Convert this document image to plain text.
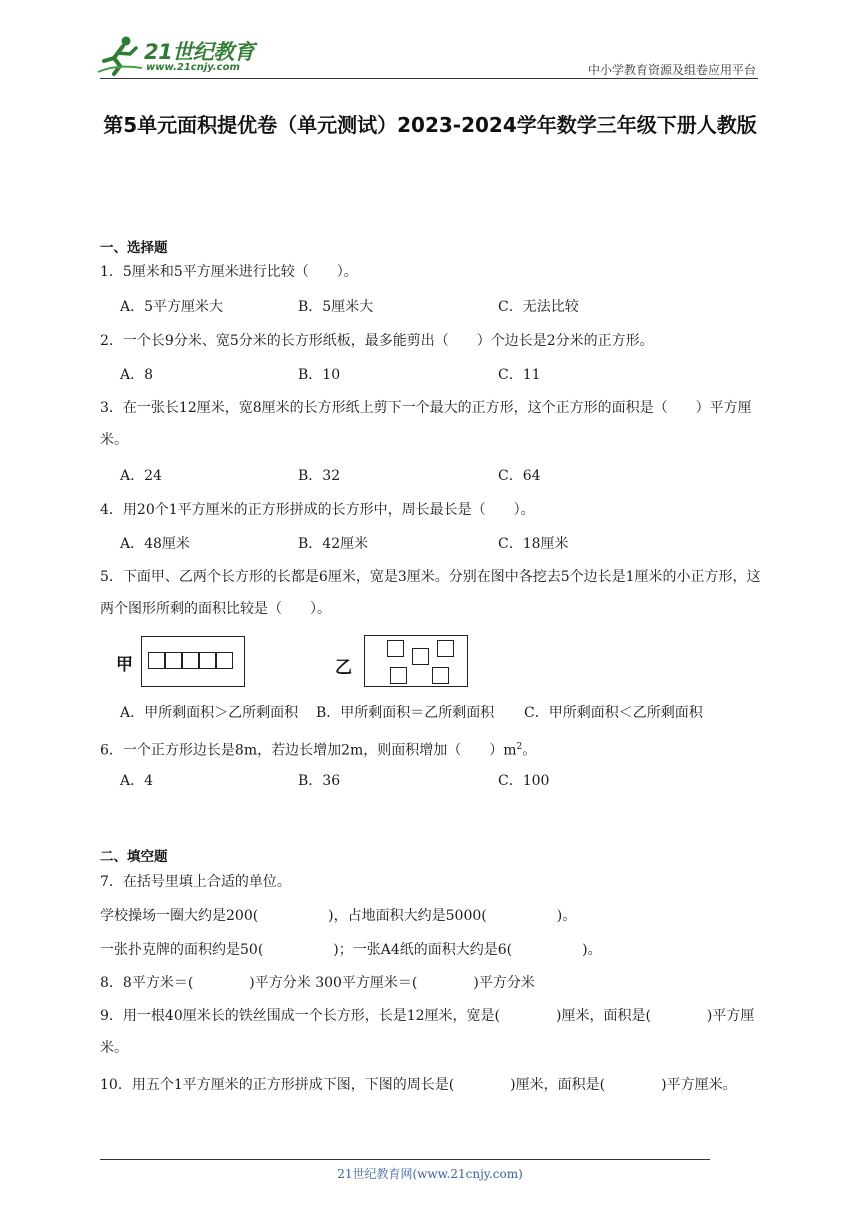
21世纪教育
www.21cnjy.com	中小学教育资源及组卷应用平台
第5单元面积提优卷（单元测试）2023-2024学年数学三年级下册人教版
一、选择题
1．5厘米和5平方厘米进行比较（　　）。
A．5平方厘米大	B．5厘米大	C．无法比较
2．一个长9分米、宽5分米的长方形纸板，最多能剪出（　　）个边长是2分米的正方形。
A．8	B．10	C．11
3．在一张长12厘米，宽8厘米的长方形纸上剪下一个最大的正方形，这个正方形的面积是（　　）平方厘米。
A．24	B．32	C．64
4．用20个1平方厘米的正方形拼成的长方形中，周长最长是（　　）。
A．48厘米	B．42厘米	C．18厘米
5．下面甲、乙两个长方形的长都是6厘米，宽是3厘米。分别在图中各挖去5个边长是1厘米的小正方形，这两个图形所剩的面积比较是（　　）。
甲	乙
A．甲所剩面积＞乙所剩面积 B．甲所剩面积＝乙所剩面积 C．甲所剩面积＜乙所剩面积
6．一个正方形边长是8m，若边长增加2m，则面积增加（　　）$m^2$。
A．4	B．36	C．100
二、填空题
7．在括号里填上合适的单位。
学校操场一圈大约是200(　　　　　)，占地面积大约是5000(　　　　　)。
一张扑克牌的面积约是50(　　　　　)；一张A4纸的面积大约是6(　　　　　)。
8．8平方米＝(　　　　)平方分米 300平方厘米＝(　　　　)平方分米
9．用一根40厘米长的铁丝围成一个长方形，长是12厘米，宽是(　　　　)厘米，面积是(　　　　)平方厘米。
10．用五个1平方厘米的正方形拼成下图，下图的周长是(　　　　)厘米，面积是(　　　　)平方厘米。
21世纪教育网(www.21cnjy.com)
